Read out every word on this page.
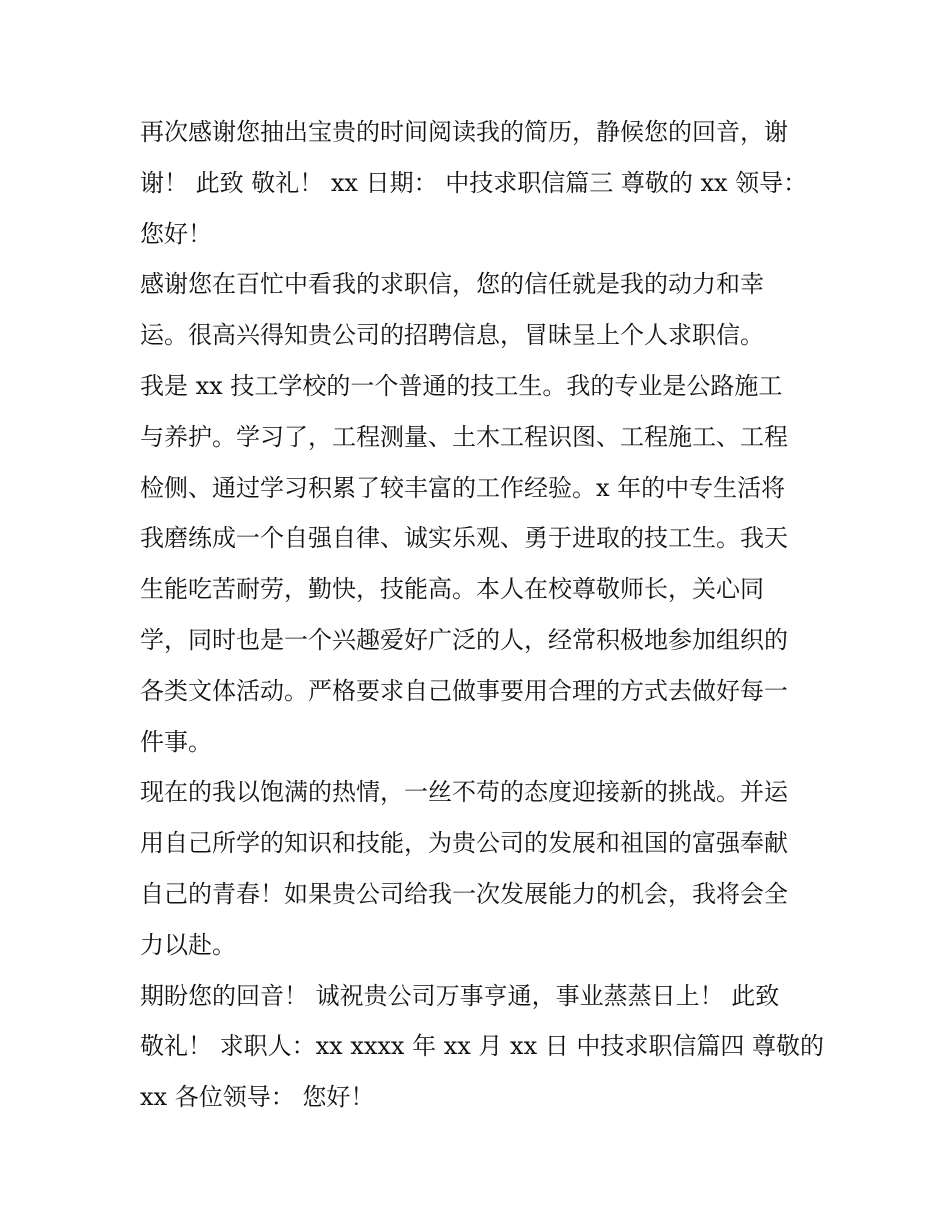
再次感谢您抽出宝贵的时间阅读我的简历，静候您的回音，谢
谢！ 此致 敬礼！ xx 日期： 中技求职信篇三 尊敬的 xx 领导：
您好！
感谢您在百忙中看我的求职信，您的信任就是我的动力和幸
运。很高兴得知贵公司的招聘信息，冒昧呈上个人求职信。
我是 xx 技工学校的一个普通的技工生。我的专业是公路施工
与养护。学习了，工程测量、土木工程识图、工程施工、工程
检侧、通过学习积累了较丰富的工作经验。x 年的中专生活将
我磨练成一个自强自律、诚实乐观、勇于进取的技工生。我天
生能吃苦耐劳，勤快，技能高。本人在校尊敬师长，关心同
学，同时也是一个兴趣爱好广泛的人，经常积极地参加组织的
各类文体活动。严格要求自己做事要用合理的方式去做好每一
件事。
现在的我以饱满的热情，一丝不苟的态度迎接新的挑战。并运
用自己所学的知识和技能，为贵公司的发展和祖国的富强奉献
自己的青春！如果贵公司给我一次发展能力的机会，我将会全
力以赴。
期盼您的回音！ 诚祝贵公司万事亨通，事业蒸蒸日上！ 此致
敬礼！ 求职人：xx xxxx 年 xx 月 xx 日 中技求职信篇四 尊敬的
xx 各位领导： 您好！
